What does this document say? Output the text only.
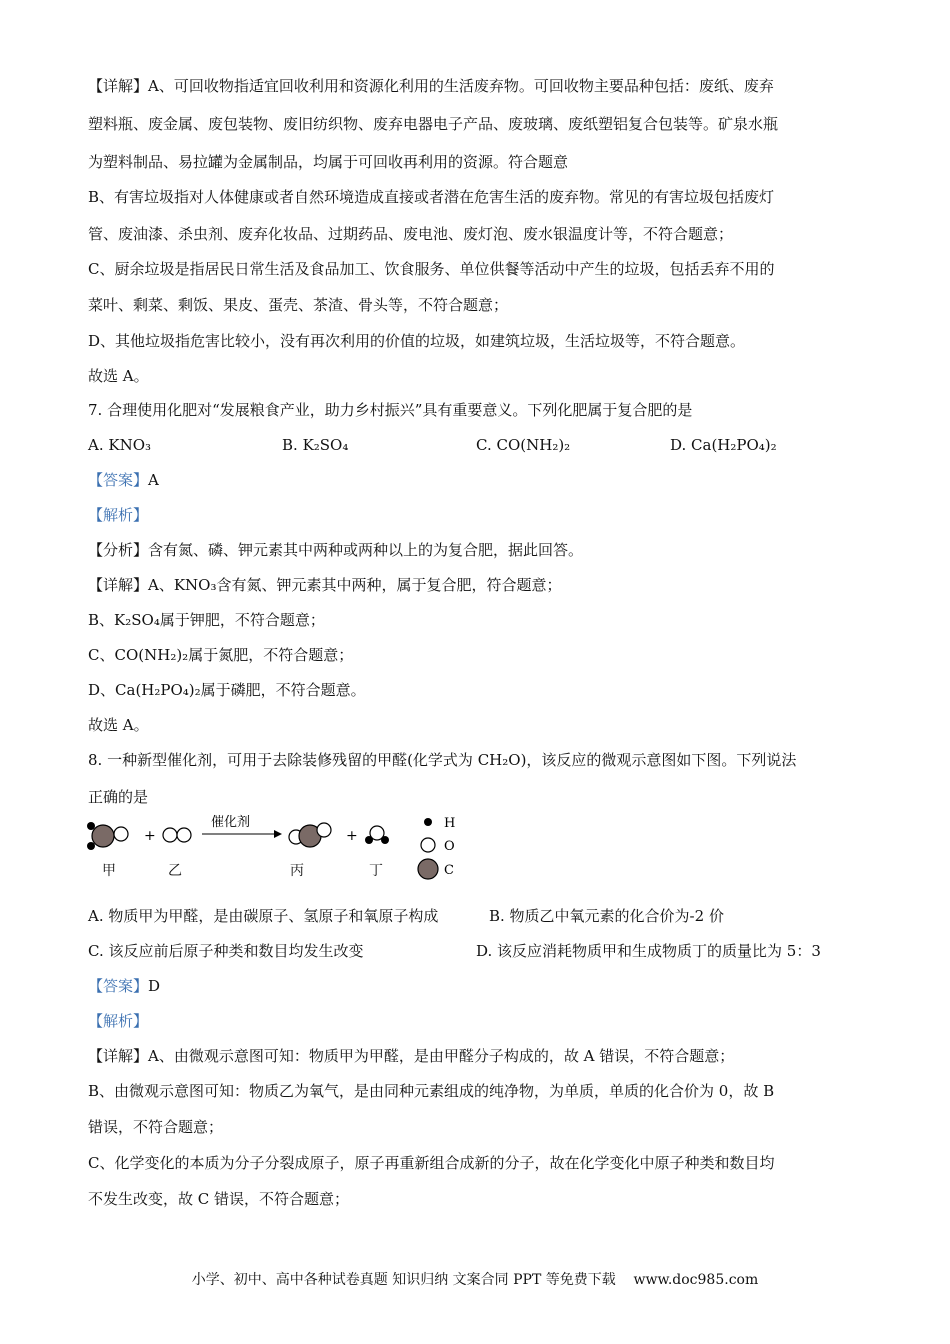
【详解】A、可回收物指适宜回收利用和资源化利用的生活废弃物。可回收物主要品种包括：废纸、废弃
塑料瓶、废金属、废包装物、废旧纺织物、废弃电器电子产品、废玻璃、废纸塑铝复合包装等。矿泉水瓶
为塑料制品、易拉罐为金属制品，均属于可回收再利用的资源。符合题意
B、有害垃圾指对人体健康或者自然环境造成直接或者潜在危害生活的废弃物。常见的有害垃圾包括废灯
管、废油漆、杀虫剂、废弃化妆品、过期药品、废电池、废灯泡、废水银温度计等，不符合题意；
C、厨余垃圾是指居民日常生活及食品加工、饮食服务、单位供餐等活动中产生的垃圾，包括丢弃不用的
菜叶、剩菜、剩饭、果皮、蛋壳、茶渣、骨头等，不符合题意；
D、其他垃圾指危害比较小，没有再次利用的价值的垃圾，如建筑垃圾，生活垃圾等，不符合题意。
故选 A。
7. 合理使用化肥对“发展粮食产业，助力乡村振兴”具有重要意义。下列化肥属于复合肥的是
A. KNO₃	B. K₂SO₄	C. CO(NH₂)₂	D. Ca(H₂PO₄)₂
【答案】A
【解析】
【分析】含有氮、磷、钾元素其中两种或两种以上的为复合肥，据此回答。
【详解】A、KNO₃含有氮、钾元素其中两种，属于复合肥，符合题意；
B、K₂SO₄属于钾肥，不符合题意；
C、CO(NH₂)₂属于氮肥，不符合题意；
D、Ca(H₂PO₄)₂属于磷肥，不符合题意。
故选 A。
8. 一种新型催化剂，可用于去除装修残留的甲醛(化学式为 CH₂O)，该反应的微观示意图如下图。下列说法
正确的是
+
催化剂
+
H
O
C
甲	乙	丙	丁
A. 物质甲为甲醛，是由碳原子、氢原子和氧原子构成	B. 物质乙中氧元素的化合价为-2 价
C. 该反应前后原子种类和数目均发生改变	D. 该反应消耗物质甲和生成物质丁的质量比为 5：3
【答案】D
【解析】
【详解】A、由微观示意图可知：物质甲为甲醛，是由甲醛分子构成的，故 A 错误，不符合题意；
B、由微观示意图可知：物质乙为氧气，是由同种元素组成的纯净物，为单质，单质的化合价为 0，故 B
错误，不符合题意；
C、化学变化的本质为分子分裂成原子，原子再重新组合成新的分子，故在化学变化中原子种类和数目均
不发生改变，故 C 错误，不符合题意；
小学、初中、高中各种试卷真题 知识归纳 文案合同 PPT 等免费下载 www.doc985.com
